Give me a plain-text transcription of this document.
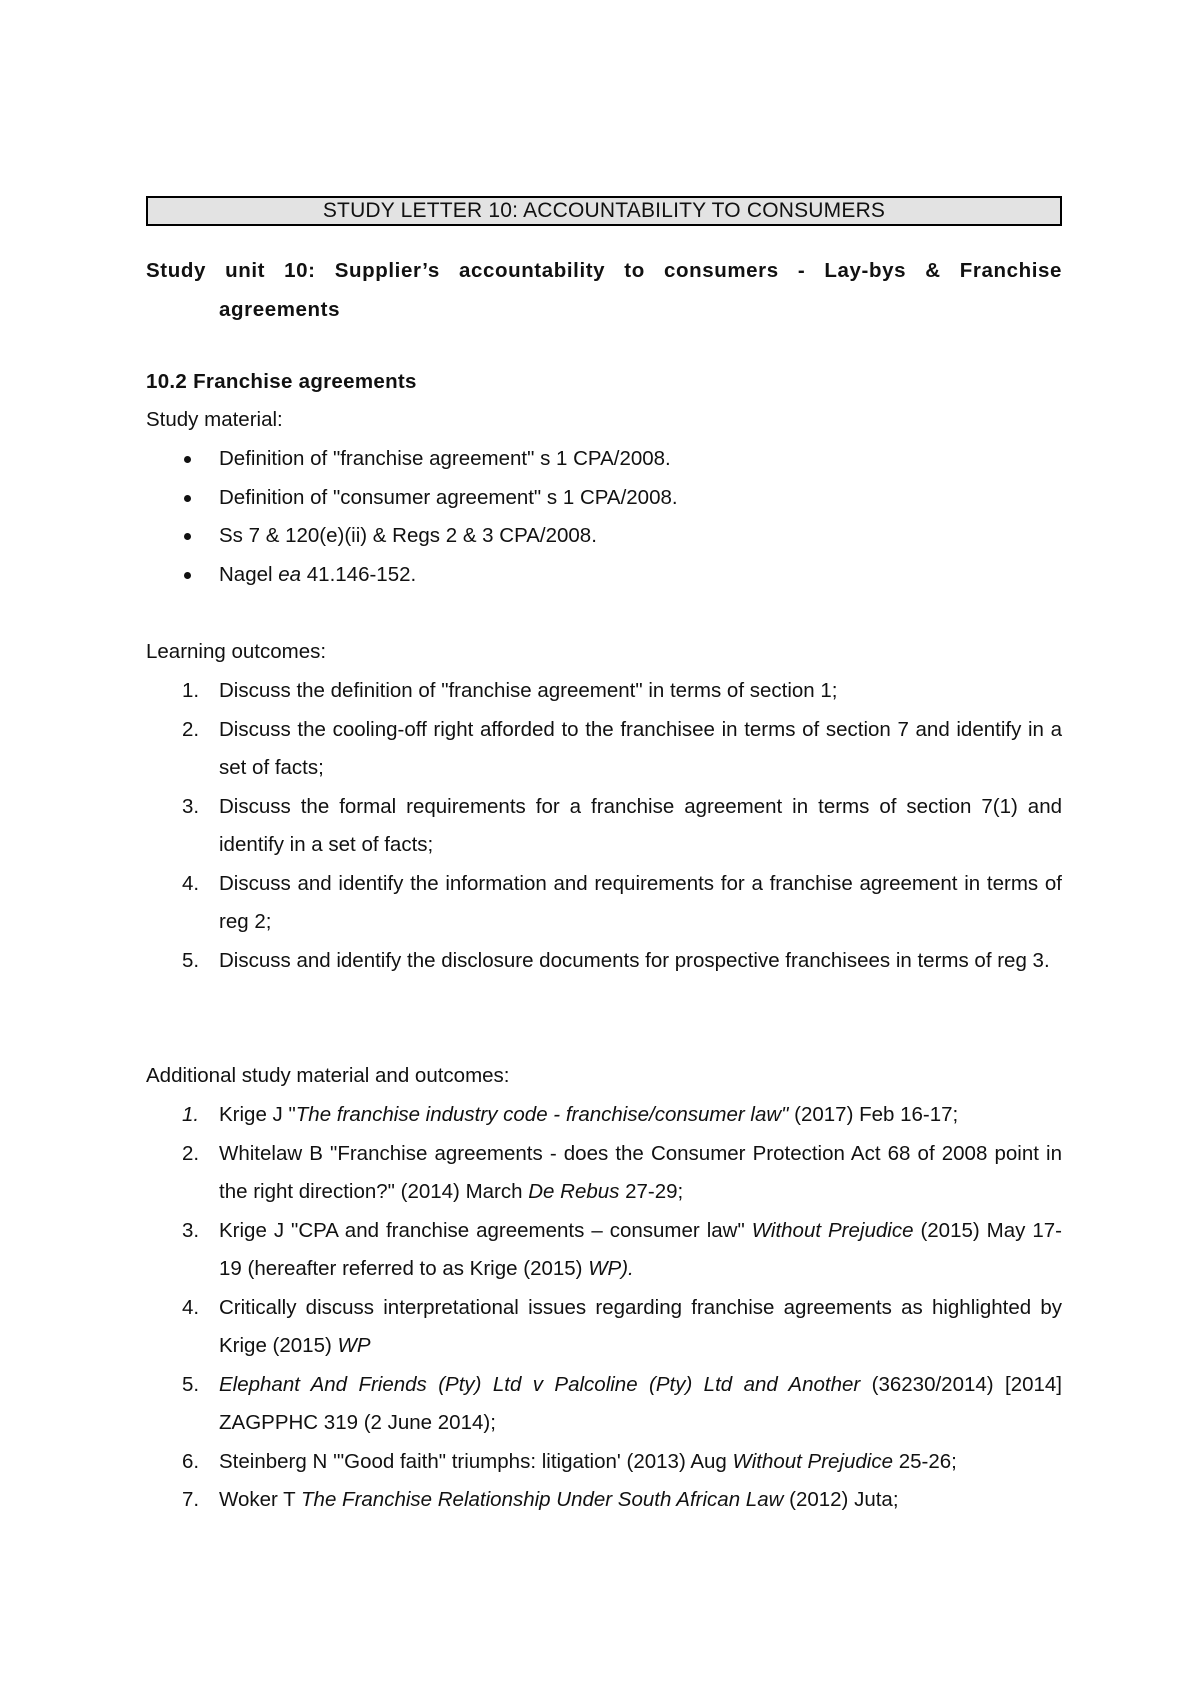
STUDY LETTER 10: ACCOUNTABILITY TO CONSUMERS
Study unit 10: Supplier’s accountability to consumers - Lay-bys & Franchise
agreements
10.2 Franchise agreements
Study material:
Definition of "franchise agreement" s 1 CPA/2008.
Definition of "consumer agreement" s 1 CPA/2008.
Ss 7 & 120(e)(ii) & Regs 2 & 3 CPA/2008.
Nagel ea 41.146-152.
Learning outcomes:
1. Discuss the definition of "franchise agreement" in terms of section 1;
2. Discuss the cooling-off right afforded to the franchisee in terms of section 7 and identify in a set of facts;
3. Discuss the formal requirements for a franchise agreement in terms of section 7(1) and identify in a set of facts;
4. Discuss and identify the information and requirements for a franchise agreement in terms of reg 2;
5. Discuss and identify the disclosure documents for prospective franchisees in terms of reg 3.
Additional study material and outcomes:
1. Krige J "The franchise industry code - franchise/consumer law" (2017) Feb 16-17;
2. Whitelaw B "Franchise agreements - does the Consumer Protection Act 68 of 2008 point in the right direction?" (2014) March De Rebus 27-29;
3. Krige J "CPA and franchise agreements – consumer law" Without Prejudice (2015) May 17-19 (hereafter referred to as Krige (2015) WP).
4. Critically discuss interpretational issues regarding franchise agreements as highlighted by Krige (2015) WP
5. Elephant And Friends (Pty) Ltd v Palcoline (Pty) Ltd and Another (36230/2014) [2014] ZAGPPHC 319 (2 June 2014);
6. Steinberg N '"Good faith" triumphs: litigation' (2013) Aug Without Prejudice 25-26;
7. Woker T The Franchise Relationship Under South African Law (2012) Juta;
